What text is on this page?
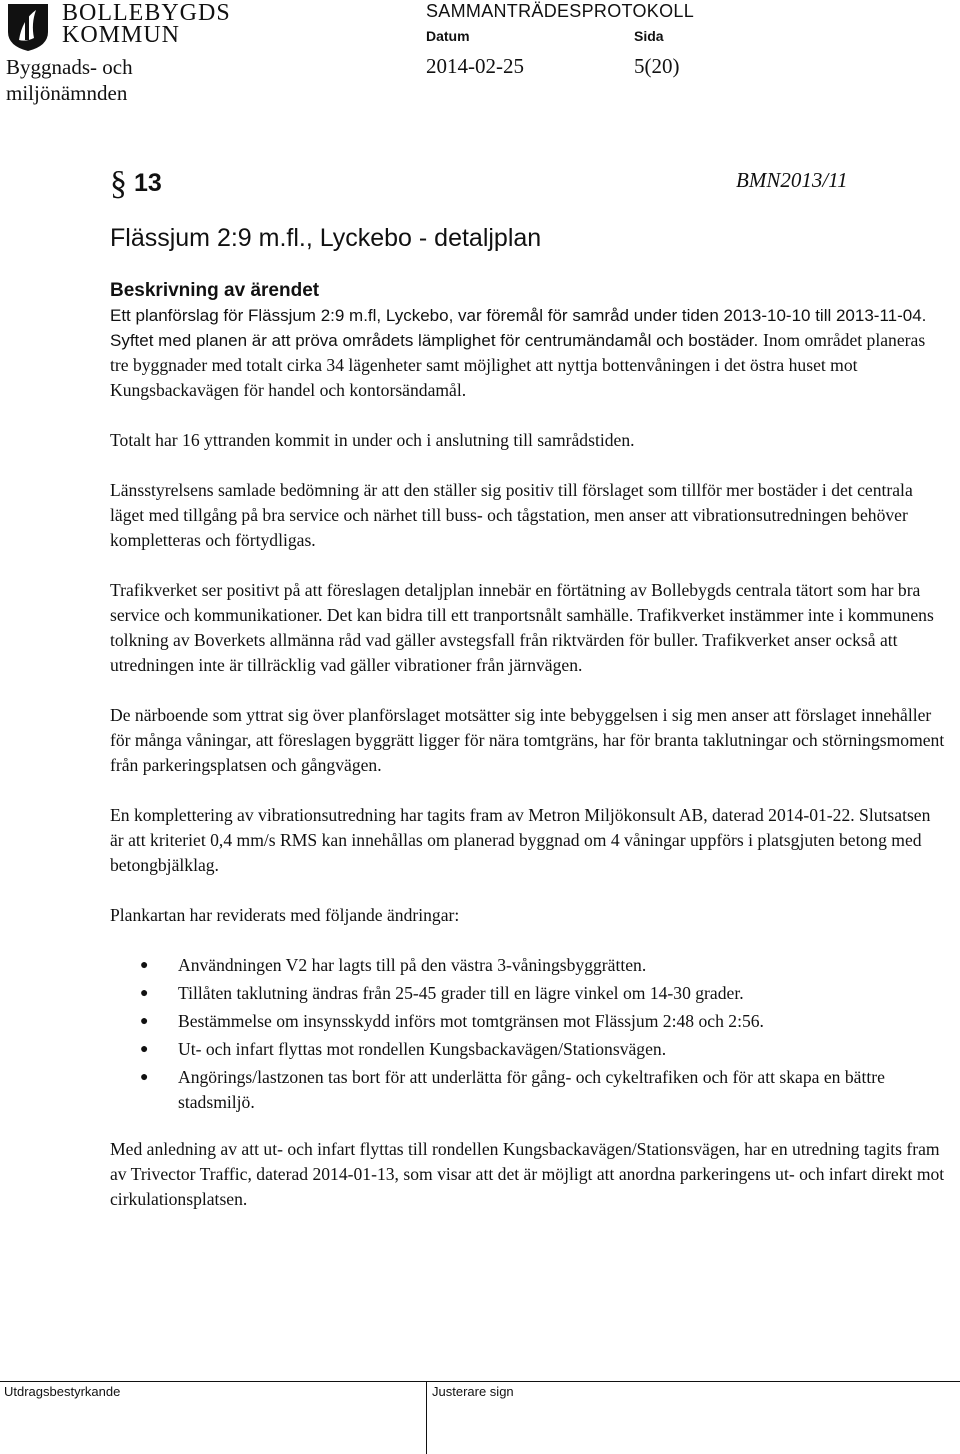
BOLLEBYGDS
KOMMUN
Byggnads- och miljönämnden
SAMMANTRÄDESPROTOKOLL
Datum	Sida
2014-02-25	5(20)
§ 13	BMN2013/11
Flässjum 2:9 m.fl., Lyckebo - detaljplan
Beskrivning av ärendet

Ett planförslag för Flässjum 2:9 m.fl, Lyckebo, var föremål för samråd under tiden 2013-10-10 till 2013-11-04. Syftet med planen är att pröva områdets lämplighet för centrumändamål och bostäder. Inom området planeras tre byggnader med totalt cirka 34 lägenheter samt möjlighet att nyttja bottenvåningen i det östra huset mot Kungsbackavägen för handel och kontorsändamål.

Totalt har 16 yttranden kommit in under och i anslutning till samrådstiden.

Länsstyrelsens samlade bedömning är att den ställer sig positiv till förslaget som tillför mer bostäder i det centrala läget med tillgång på bra service och närhet till buss- och tågstation, men anser att vibrationsutredningen behöver kompletteras och förtydligas.

Trafikverket ser positivt på att föreslagen detaljplan innebär en förtätning av Bollebygds centrala tätort som har bra service och kommunikationer. Det kan bidra till ett tranportsnålt samhälle. Trafikverket instämmer inte i kommunens tolkning av Boverkets allmänna råd vad gäller avstegsfall från riktvärden för buller. Trafikverket anser också att utredningen inte är tillräcklig vad gäller vibrationer från järnvägen.

De närboende som yttrat sig över planförslaget motsätter sig inte bebyggelsen i sig men anser att förslaget innehåller för många våningar, att föreslagen byggrätt ligger för nära tomtgräns, har för branta taklutningar och störningsmoment från parkeringsplatsen och gångvägen.

En komplettering av vibrationsutredning har tagits fram av Metron Miljökonsult AB, daterad 2014-01-22. Slutsatsen är att kriteriet 0,4 mm/s RMS kan innehållas om planerad byggnad om 4 våningar uppförs i platsgjuten betong med betongbjälklag.

Plankartan har reviderats med följande ändringar:

● Användningen V2 har lagts till på den västra 3-våningsbyggrätten.
● Tillåten taklutning ändras från 25-45 grader till en lägre vinkel om 14-30 grader.
● Bestämmelse om insynsskydd införs mot tomtgränsen mot Flässjum 2:48 och 2:56.
● Ut- och infart flyttas mot rondellen Kungsbackavägen/Stationsvägen.
● Angörings/lastzonen tas bort för att underlätta för gång- och cykeltrafiken och för att skapa en bättre stadsmiljö.

Med anledning av att ut- och infart flyttas till rondellen Kungsbackavägen/Stationsvägen, har en utredning tagits fram av Trivector Traffic, daterad 2014-01-13, som visar att det är möjligt att anordna parkeringens ut- och infart direkt mot cirkulationsplatsen.

Utdragsbestyrkande	Justerare sign
